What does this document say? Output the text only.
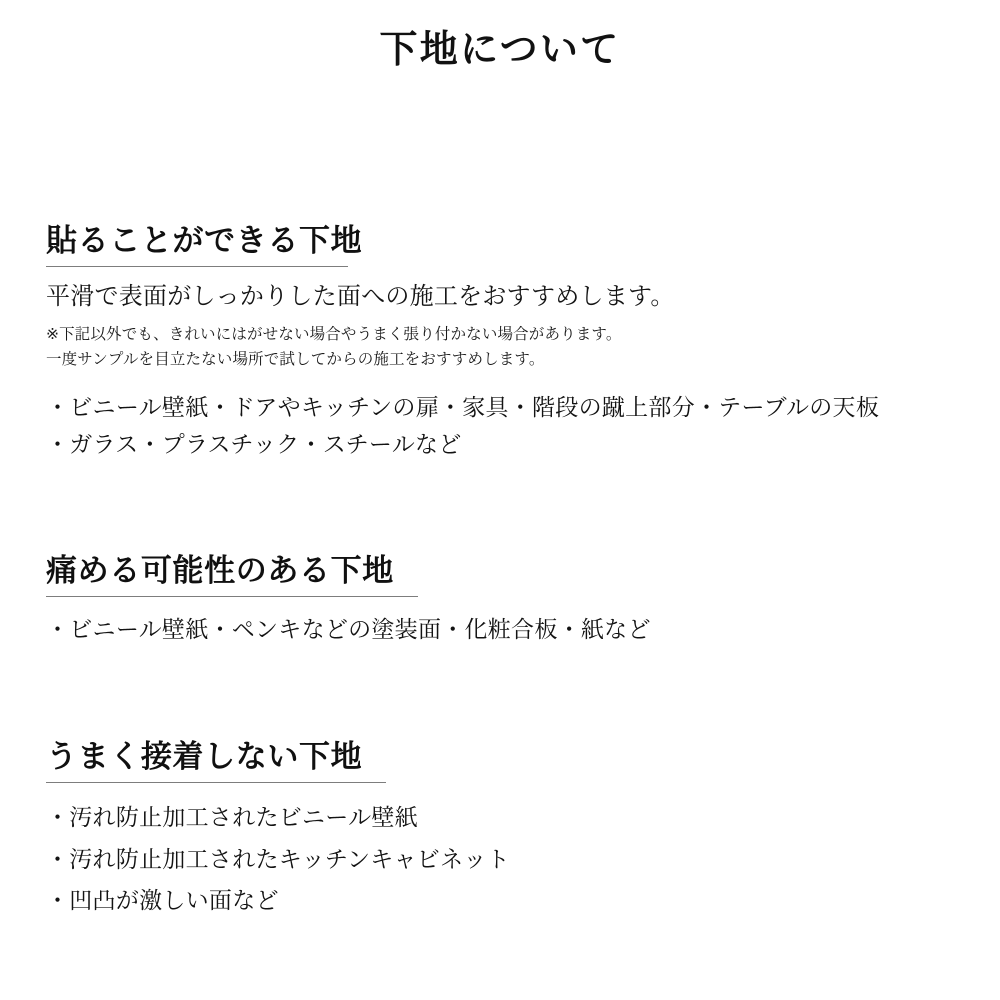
下地について
貼ることができる下地

平滑で表面がしっかりした面への施工をおすすめします。

※下記以外でも、きれいにはがせない場合やうまく張り付かない場合があります。

一度サンプルを目立たない場所で試してからの施工をおすすめします。

・ビニール壁紙・ドアやキッチンの扉・家具・階段の蹴上部分・テーブルの天板
・ガラス・プラスチック・スチールなど
痛める可能性のある下地
・ビニール壁紙・ペンキなどの塗装面・化粧合板・紙など
うまく接着しない下地
・汚れ防止加工されたビニール壁紙
・汚れ防止加工されたキッチンキャビネット
・凹凸が激しい面など
